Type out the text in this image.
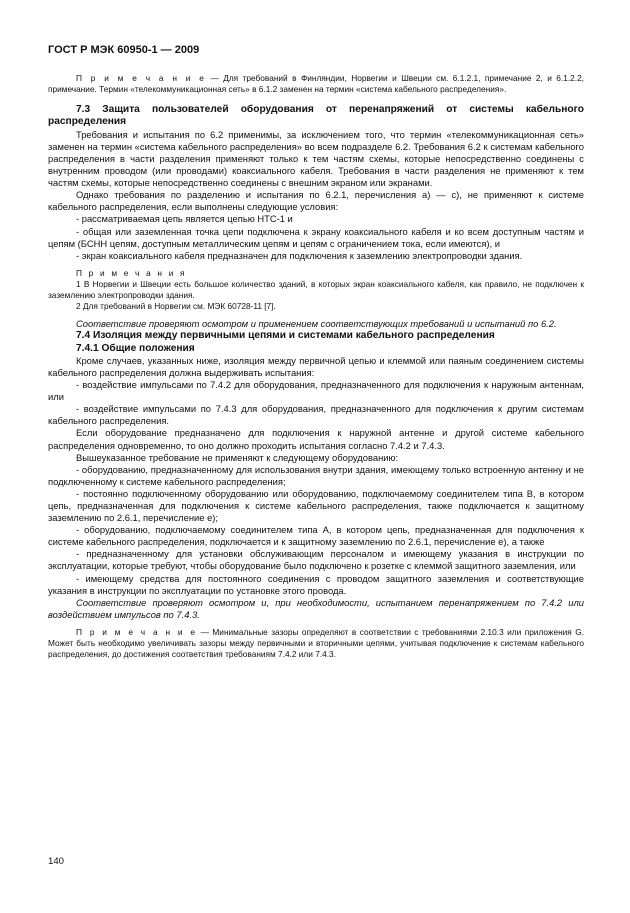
ГОСТ Р МЭК 60950-1 — 2009

П р и м е ч а н и е — Для требований в Финляндии, Норвегии и Швеции см. 6.1.2.1, примечание 2, и 6.1.2.2, примечание. Термин «телекоммуникационная сеть» в 6.1.2 заменен на термин «система кабельного распределения».

7.3 Защита пользователей оборудования от перенапряжений от системы кабельного распределения

Требования и испытания по 6.2 применимы, за исключением того, что термин «телекоммуникационная сеть» заменен на термин «система кабельного распределения» во всем подразделе 6.2. Требования 6.2 к системам кабельного распределения в части разделения применяют только к тем частям схемы, которые непосредственно соединены с внутренним проводом (или проводами) коаксиального кабеля. Требования в части разделения не применяют к тем частям схемы, которые непосредственно соединены с внешним экраном или экранами.

Однако требования по разделению и испытания по 6.2.1, перечисления а) — с), не применяют к системе кабельного распределения, если выполнены следующие условия:

- рассматриваемая цепь является цепью НТС-1 и

- общая или заземленная точка цепи подключена к экрану коаксиального кабеля и ко всем доступным частям и цепям (БСНН цепям, доступным металлическим цепям и цепям с ограничением тока, если имеются), и

- экран коаксиального кабеля предназначен для подключения к заземлению электропроводки здания.

П р и м е ч а н и я

1 В Норвегии и Швеции есть большое количество зданий, в которых экран коаксиального кабеля, как правило, не подключен к заземлению электропроводки здания.

2 Для требований в Норвегии см. МЭК 60728-11 [7].

Соответствие проверяют осмотром и применением соответствующих требований и испытаний по 6.2.

7.4 Изоляция между первичными цепями и системами кабельного распределения
7.4.1 Общие положения

Кроме случаев, указанных ниже, изоляция между первичной цепью и клеммой или паяным соединением системы кабельного распределения должна выдерживать испытания:

- воздействие импульсами по 7.4.2 для оборудования, предназначенного для подключения к наружным антеннам, или

- воздействие импульсами по 7.4.3 для оборудования, предназначенного для подключения к другим системам кабельного распределения.

Если оборудование предназначено для подключения к наружной антенне и другой системе кабельного распределения одновременно, то оно должно проходить испытания согласно 7.4.2 и 7.4.3.

Вышеуказанное требование не применяют к следующему оборудованию:

- оборудованию, предназначенному для использования внутри здания, имеющему только встроенную антенну и не подключенному к системе кабельного распределения;

- постоянно подключенному оборудованию или оборудованию, подключаемому соединителем типа В, в котором цепь, предназначенная для подключения к системе кабельного распределения, также подключается к защитному заземлению по 2.6.1, перечисление е);

- оборудованию, подключаемому соединителем типа А, в котором цепь, предназначенная для подключения к системе кабельного распределения, подключается и к защитному заземлению по 2.6.1, перечисление е), а также

- предназначенному для установки обслуживающим персоналом и имеющему указания в инструкции по эксплуатации, которые требуют, чтобы оборудование было подключено к розетке с клеммой защитного заземления, или

- имеющему средства для постоянного соединения с проводом защитного заземления и соответствующие указания в инструкции по эксплуатации по установке этого провода.

Соответствие проверяют осмотром и, при необходимости, испытанием перенапряжением по 7.4.2 или воздействием импульсов по 7.4.3.

П р и м е ч а н и е — Минимальные зазоры определяют в соответствии с требованиями 2.10.3 или приложения G. Может быть необходимо увеличивать зазоры между первичными и вторичными цепями, учитывая подключение к системам кабельного распределения, до достижения соответствия требованиям 7.4.2 или 7.4.3.

140
